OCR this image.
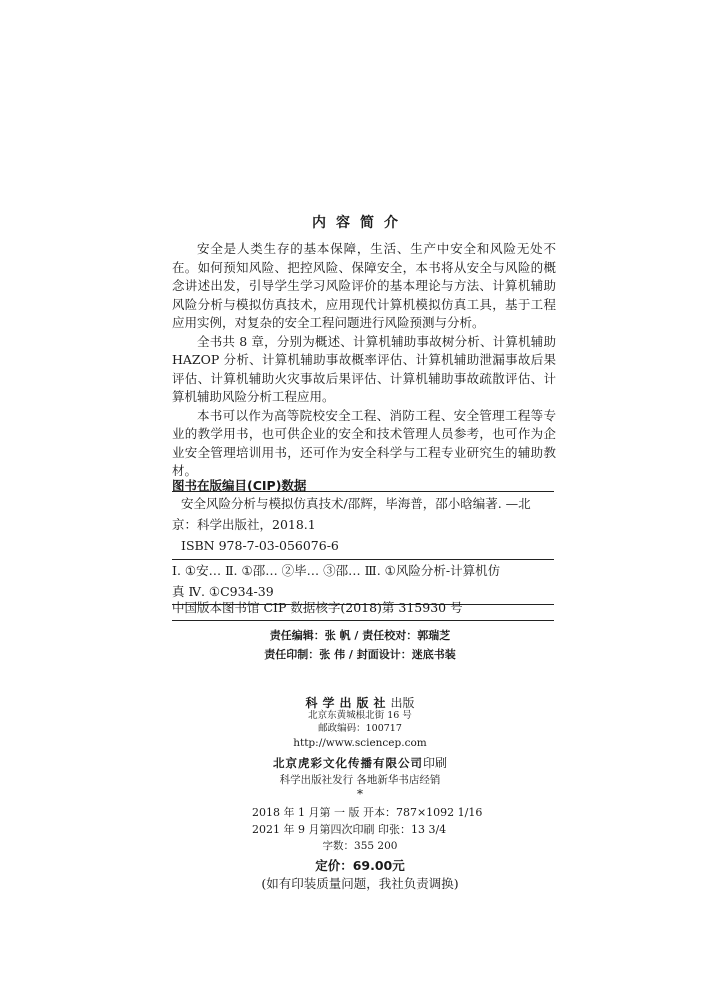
内容简介

安全是人类生存的基本保障，生活、生产中安全和风险无处不在。如何预知风险、把控风险、保障安全，本书将从安全与风险的概念讲述出发，引导学生学习风险评价的基本理论与方法、计算机辅助风险分析与模拟仿真技术，应用现代计算机模拟仿真工具，基于工程应用实例，对复杂的安全工程问题进行风险预测与分析。

全书共 8 章，分别为概述、计算机辅助事故树分析、计算机辅助HAZOP 分析、计算机辅助事故概率评估、计算机辅助泄漏事故后果评估、计算机辅助火灾事故后果评估、计算机辅助事故疏散评估、计算机辅助风险分析工程应用。

本书可以作为高等院校安全工程、消防工程、安全管理工程等专业的教学用书，也可供企业的安全和技术管理人员参考，也可作为企业安全管理培训用书，还可作为安全科学与工程专业研究生的辅助教材。

图书在版编目(CIP)数据
安全风险分析与模拟仿真技术/邵辉，毕海普，邵小晗编著. —北
京：科学出版社，2018.1
ISBN 978-7-03-056076-6
Ⅰ. ①安… Ⅱ. ①邵… ②毕… ③邵… Ⅲ. ①风险分析-计算机仿
真 Ⅳ. ①C934-39
中国版本图书馆 CIP 数据核字(2018)第 315930 号
责任编辑：张 帆 / 责任校对：郭瑞芝
责任印制：张 伟 / 封面设计：迷底书装
科学出版社出版
北京东黄城根北街 16 号
邮政编码：100717
http://www.sciencep.com
北京虎彩文化传播有限公司印刷
科学出版社发行 各地新华书店经销
*
2018 年 1 月第 一 版 开本：787×1092 1/16
2021 年 9 月第四次印刷 印张：13 3/4
字数：355 200
定价：69.00元
(如有印装质量问题，我社负责调换)
